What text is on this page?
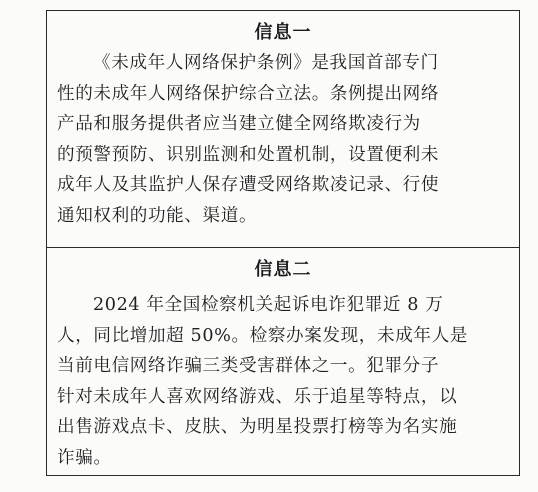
信息一
《未成年人网络保护条例》是我国首部专门
性的未成年人网络保护综合立法。条例提出网络
产品和服务提供者应当建立健全网络欺凌行为
的预警预防、识别监测和处置机制，设置便利未
成年人及其监护人保存遭受网络欺凌记录、行使
通知权利的功能、渠道。
信息二
2024 年全国检察机关起诉电诈犯罪近 8 万
人，同比增加超 50%。检察办案发现，未成年人是
当前电信网络诈骗三类受害群体之一。犯罪分子
针对未成年人喜欢网络游戏、乐于追星等特点，以
出售游戏点卡、皮肤、为明星投票打榜等为名实施
诈骗。
